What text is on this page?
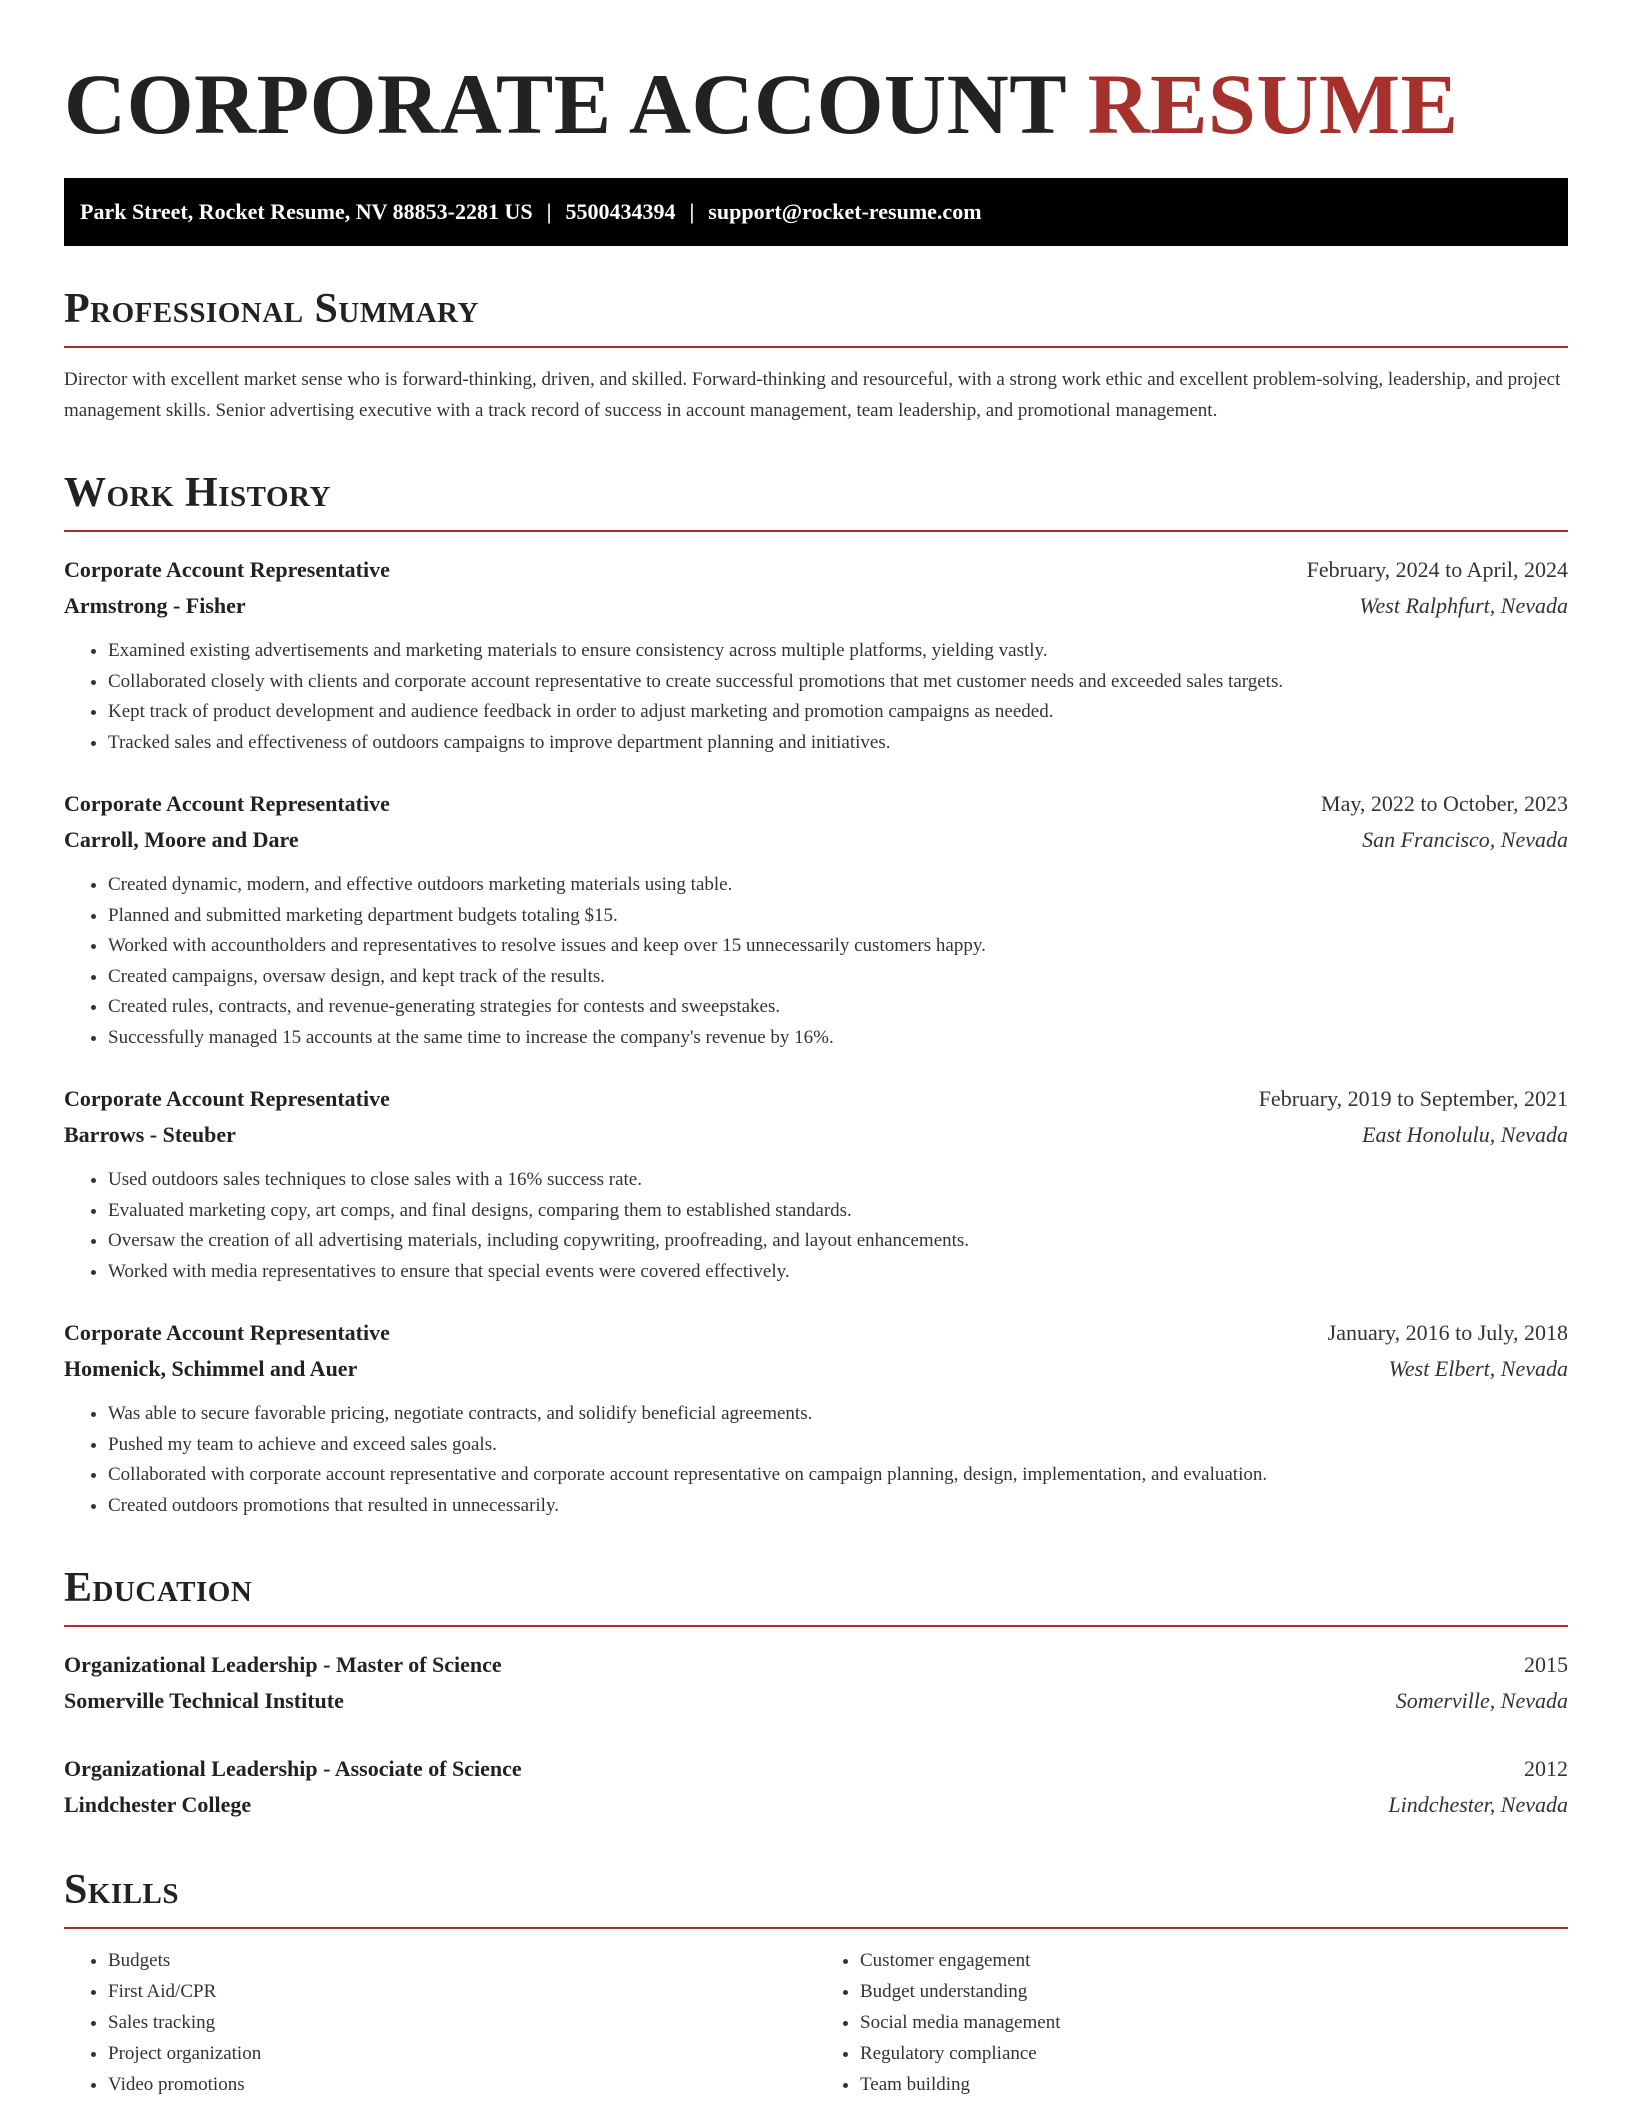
CORPORATE ACCOUNT RESUME
Park Street, Rocket Resume, NV 88853-2281 US | 5500434394 | support@rocket-resume.com
Professional Summary
Director with excellent market sense who is forward-thinking, driven, and skilled. Forward-thinking and resourceful, with a strong work ethic and excellent problem-solving, leadership, and project management skills. Senior advertising executive with a track record of success in account management, team leadership, and promotional management.
Work History
Corporate Account Representative	February, 2024 to April, 2024
Armstrong - Fisher	West Ralphfurt, Nevada
• Examined existing advertisements and marketing materials to ensure consistency across multiple platforms, yielding vastly.
• Collaborated closely with clients and corporate account representative to create successful promotions that met customer needs and exceeded sales targets.
• Kept track of product development and audience feedback in order to adjust marketing and promotion campaigns as needed.
• Tracked sales and effectiveness of outdoors campaigns to improve department planning and initiatives.
Corporate Account Representative	May, 2022 to October, 2023
Carroll, Moore and Dare	San Francisco, Nevada
• Created dynamic, modern, and effective outdoors marketing materials using table.
• Planned and submitted marketing department budgets totaling $15.
• Worked with accountholders and representatives to resolve issues and keep over 15 unnecessarily customers happy.
• Created campaigns, oversaw design, and kept track of the results.
• Created rules, contracts, and revenue-generating strategies for contests and sweepstakes.
• Successfully managed 15 accounts at the same time to increase the company's revenue by 16%.
Corporate Account Representative	February, 2019 to September, 2021
Barrows - Steuber	East Honolulu, Nevada
• Used outdoors sales techniques to close sales with a 16% success rate.
• Evaluated marketing copy, art comps, and final designs, comparing them to established standards.
• Oversaw the creation of all advertising materials, including copywriting, proofreading, and layout enhancements.
• Worked with media representatives to ensure that special events were covered effectively.
Corporate Account Representative	January, 2016 to July, 2018
Homenick, Schimmel and Auer	West Elbert, Nevada
• Was able to secure favorable pricing, negotiate contracts, and solidify beneficial agreements.
• Pushed my team to achieve and exceed sales goals.
• Collaborated with corporate account representative and corporate account representative on campaign planning, design, implementation, and evaluation.
• Created outdoors promotions that resulted in unnecessarily.
Education
Organizational Leadership - Master of Science	2015
Somerville Technical Institute	Somerville, Nevada
Organizational Leadership - Associate of Science	2012
Lindchester College	Lindchester, Nevada
Skills
• Budgets
• First Aid/CPR
• Sales tracking
• Project organization
• Video promotions
• Customer engagement
• Budget understanding
• Social media management
• Regulatory compliance
• Team building
